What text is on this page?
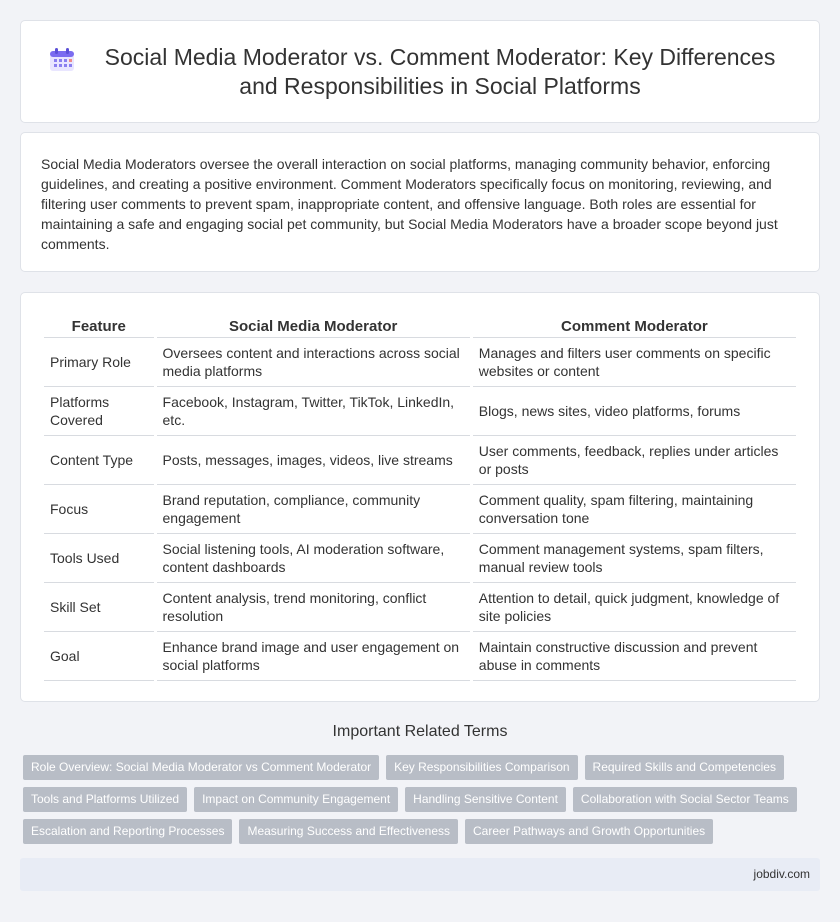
Social Media Moderator vs. Comment Moderator: Key Differences and Responsibilities in Social Platforms

Social Media Moderators oversee the overall interaction on social platforms, managing community behavior, enforcing guidelines, and creating a positive environment. Comment Moderators specifically focus on monitoring, reviewing, and filtering user comments to prevent spam, inappropriate content, and offensive language. Both roles are essential for maintaining a safe and engaging social pet community, but Social Media Moderators have a broader scope beyond just comments.

Feature	Social Media Moderator	Comment Moderator
Primary Role	Oversees content and interactions across social media platforms	Manages and filters user comments on specific websites or content
Platforms Covered	Facebook, Instagram, Twitter, TikTok, LinkedIn, etc.	Blogs, news sites, video platforms, forums
Content Type	Posts, messages, images, videos, live streams	User comments, feedback, replies under articles or posts
Focus	Brand reputation, compliance, community engagement	Comment quality, spam filtering, maintaining conversation tone
Tools Used	Social listening tools, AI moderation software, content dashboards	Comment management systems, spam filters, manual review tools
Skill Set	Content analysis, trend monitoring, conflict resolution	Attention to detail, quick judgment, knowledge of site policies
Goal	Enhance brand image and user engagement on social platforms	Maintain constructive discussion and prevent abuse in comments
Important Related Terms
Role Overview: Social Media Moderator vs Comment Moderator	Key Responsibilities Comparison	Required Skills and Competencies
Tools and Platforms Utilized	Impact on Community Engagement	Handling Sensitive Content	Collaboration with Social Sector Teams
Escalation and Reporting Processes	Measuring Success and Effectiveness	Career Pathways and Growth Opportunities
jobdiv.com
